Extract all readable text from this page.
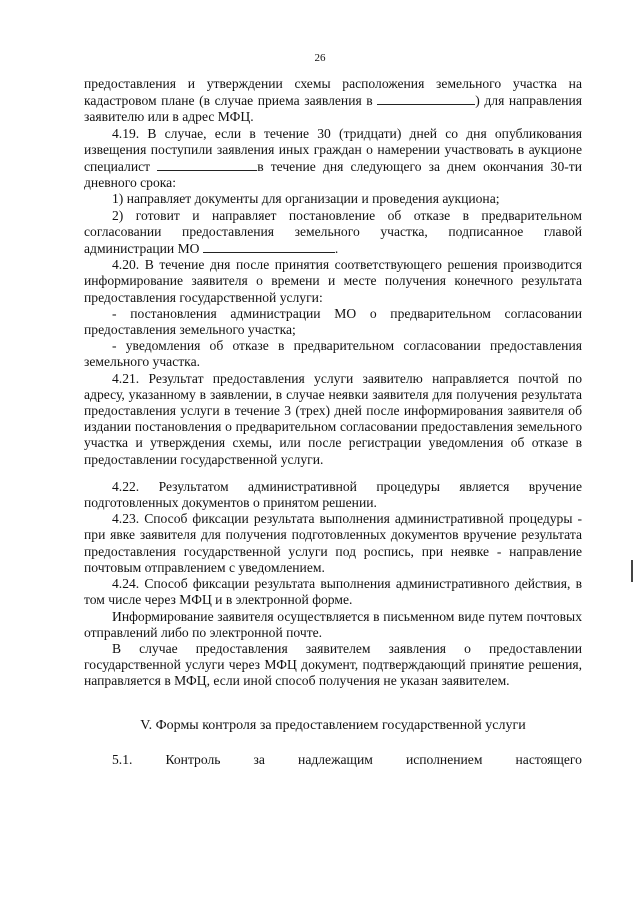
26

предоставления и утверждении схемы расположения земельного участка на кадастровом плане (в случае приема заявления в	) для направления заявителю или в адрес МФЦ.

4.19. В случае, если в течение 30 (тридцати) дней со дня опубликования извещения поступили заявления иных граждан о намерении участвовать в аукционе специалист	в течение дня следующего за днем окончания 30-ти дневного срока:

1) направляет документы для организации и проведения аукциона;

2) готовит и направляет постановление об отказе в предварительном согласовании предоставления земельного участка, подписанное главой администрации МО	.

4.20. В течение дня после принятия соответствующего решения производится информирование заявителя о времени и месте получения конечного результата предоставления государственной услуги:

- постановления администрации МО о предварительном согласовании предоставления земельного участка;

- уведомления об отказе в предварительном согласовании предоставления земельного участка.

4.21. Результат предоставления услуги заявителю направляется почтой по адресу, указанному в заявлении, в случае неявки заявителя для получения результата предоставления услуги в течение 3 (трех) дней после информирования заявителя об издании постановления о предварительном согласовании предоставления земельного участка и утверждения схемы, или после регистрации уведомления об отказе в предоставлении государственной услуги.

4.22. Результатом административной процедуры является вручение подготовленных документов о принятом решении.

4.23. Способ фиксации результата выполнения административной процедуры - при явке заявителя для получения подготовленных документов вручение результата предоставления государственной услуги под роспись, при неявке - направление почтовым отправлением с уведомлением.

4.24. Способ фиксации результата выполнения административного действия, в том числе через МФЦ и в электронной форме.

Информирование заявителя осуществляется в письменном виде путем почтовых отправлений либо по электронной почте.

В случае предоставления заявителем заявления о предоставлении государственной услуги через МФЦ документ, подтверждающий принятие решения, направляется в МФЦ, если иной способ получения не указан заявителем.

V. Формы контроля за предоставлением государственной услуги
5.1. Контроль за надлежащим исполнением настоящего
